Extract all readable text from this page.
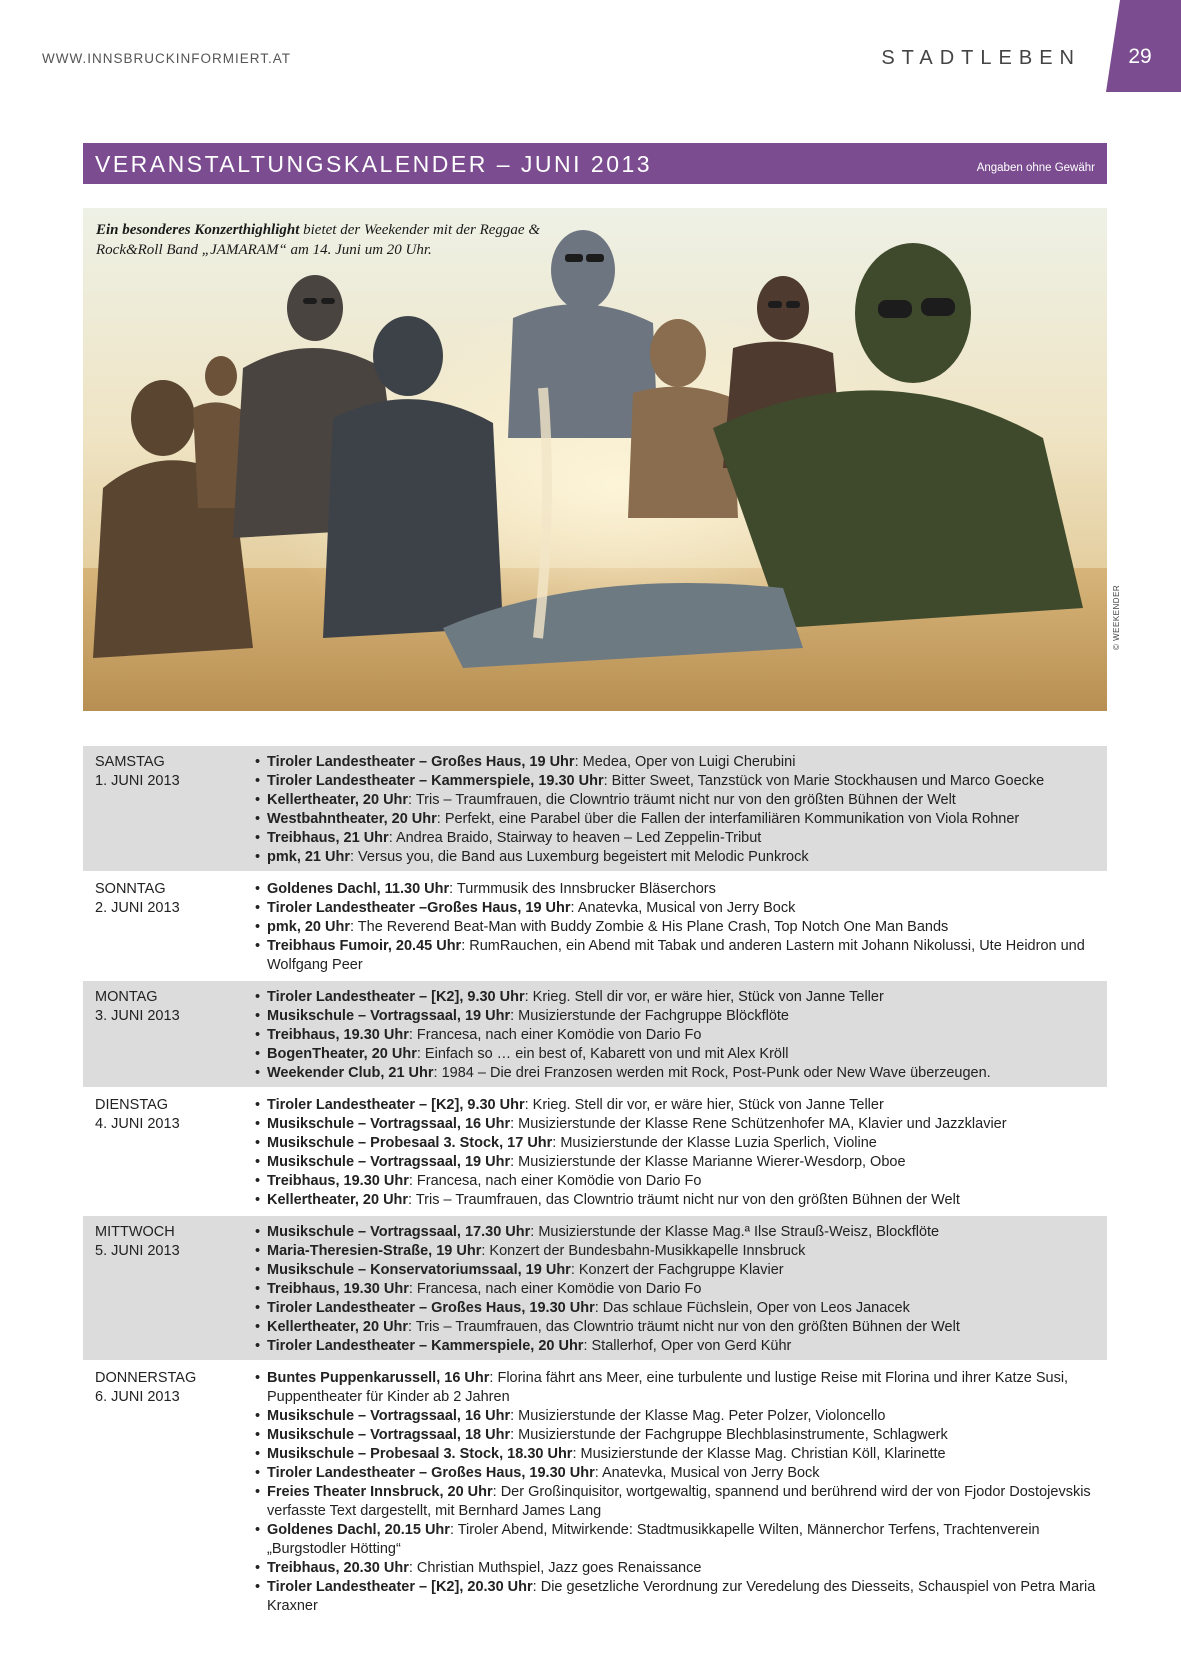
WWW.INNSBRUCKINFORMIERT.AT	STADTLEBEN	29
VERANSTALTUNGSKALENDER – JUNI 2013	Angaben ohne Gewähr
Ein besonderes Konzerthighlight bietet der Weekender mit der Reggae & Rock&Roll Band „JAMARAM“ am 14. Juni um 20 Uhr.
© WEEKENDER
SAMSTAG
1. JUNI 2013
• Tiroler Landestheater – Großes Haus, 19 Uhr: Medea, Oper von Luigi Cherubini
• Tiroler Landestheater – Kammerspiele, 19.30 Uhr: Bitter Sweet, Tanzstück von Marie Stockhausen und Marco Goecke
• Kellertheater, 20 Uhr: Tris – Traumfrauen, die Clowntrio träumt nicht nur von den größten Bühnen der Welt
• Westbahntheater, 20 Uhr: Perfekt, eine Parabel über die Fallen der interfamiliären Kommunikation von Viola Rohner
• Treibhaus, 21 Uhr: Andrea Braido, Stairway to heaven – Led Zeppelin-Tribut
• pmk, 21 Uhr: Versus you, die Band aus Luxemburg begeistert mit Melodic Punkrock
SONNTAG
2. JUNI 2013
• Goldenes Dachl, 11.30 Uhr: Turmmusik des Innsbrucker Bläserchors
• Tiroler Landestheater –Großes Haus, 19 Uhr: Anatevka, Musical von Jerry Bock
• pmk, 20 Uhr: The Reverend Beat-Man with Buddy Zombie & His Plane Crash, Top Notch One Man Bands
• Treibhaus Fumoir, 20.45 Uhr: RumRauchen, ein Abend mit Tabak und anderen Lastern mit Johann Nikolussi, Ute Heidron und Wolfgang Peer
MONTAG
3. JUNI 2013
• Tiroler Landestheater – [K2], 9.30 Uhr: Krieg. Stell dir vor, er wäre hier, Stück von Janne Teller
• Musikschule – Vortragssaal, 19 Uhr: Musizierstunde der Fachgruppe Blöckflöte
• Treibhaus, 19.30 Uhr: Francesa, nach einer Komödie von Dario Fo
• BogenTheater, 20 Uhr: Einfach so … ein best of, Kabarett von und mit Alex Kröll
• Weekender Club, 21 Uhr: 1984 – Die drei Franzosen werden mit Rock, Post-Punk oder New Wave überzeugen.
DIENSTAG
4. JUNI 2013
• Tiroler Landestheater – [K2], 9.30 Uhr: Krieg. Stell dir vor, er wäre hier, Stück von Janne Teller
• Musikschule – Vortragssaal, 16 Uhr: Musizierstunde der Klasse Rene Schützenhofer MA, Klavier und Jazzklavier
• Musikschule – Probesaal 3. Stock, 17 Uhr: Musizierstunde der Klasse Luzia Sperlich, Violine
• Musikschule – Vortragssaal, 19 Uhr: Musizierstunde der Klasse Marianne Wierer-Wesdorp, Oboe
• Treibhaus, 19.30 Uhr: Francesa, nach einer Komödie von Dario Fo
• Kellertheater, 20 Uhr: Tris – Traumfrauen, das Clowntrio träumt nicht nur von den größten Bühnen der Welt
MITTWOCH
5. JUNI 2013
• Musikschule – Vortragssaal, 17.30 Uhr: Musizierstunde der Klasse Mag.ª Ilse Strauß-Weisz, Blockflöte
• Maria-Theresien-Straße, 19 Uhr: Konzert der Bundesbahn-Musikkapelle Innsbruck
• Musikschule – Konservatoriumssaal, 19 Uhr: Konzert der Fachgruppe Klavier
• Treibhaus, 19.30 Uhr: Francesa, nach einer Komödie von Dario Fo
• Tiroler Landestheater – Großes Haus, 19.30 Uhr: Das schlaue Füchslein, Oper von Leos Janacek
• Kellertheater, 20 Uhr: Tris – Traumfrauen, das Clowntrio träumt nicht nur von den größten Bühnen der Welt
• Tiroler Landestheater – Kammerspiele, 20 Uhr: Stallerhof, Oper von Gerd Kühr
DONNERSTAG
6. JUNI 2013
• Buntes Puppenkarussell, 16 Uhr: Florina fährt ans Meer, eine turbulente und lustige Reise mit Florina und ihrer Katze Susi, Puppentheater für Kinder ab 2 Jahren
• Musikschule – Vortragssaal, 16 Uhr: Musizierstunde der Klasse Mag. Peter Polzer, Violoncello
• Musikschule – Vortragssaal, 18 Uhr: Musizierstunde der Fachgruppe Blechblasinstrumente, Schlagwerk
• Musikschule – Probesaal 3. Stock, 18.30 Uhr: Musizierstunde der Klasse Mag. Christian Köll, Klarinette
• Tiroler Landestheater – Großes Haus, 19.30 Uhr: Anatevka, Musical von Jerry Bock
• Freies Theater Innsbruck, 20 Uhr: Der Großinquisitor, wortgewaltig, spannend und berührend wird der von Fjodor Dostojevskis verfasste Text dargestellt, mit Bernhard James Lang
• Goldenes Dachl, 20.15 Uhr: Tiroler Abend, Mitwirkende: Stadtmusikkapelle Wilten, Männerchor Terfens, Trachtenverein „Burgstodler Hötting“
• Treibhaus, 20.30 Uhr: Christian Muthspiel, Jazz goes Renaissance
• Tiroler Landestheater – [K2], 20.30 Uhr: Die gesetzliche Verordnung zur Veredelung des Diesseits, Schauspiel von Petra Maria Kraxner
